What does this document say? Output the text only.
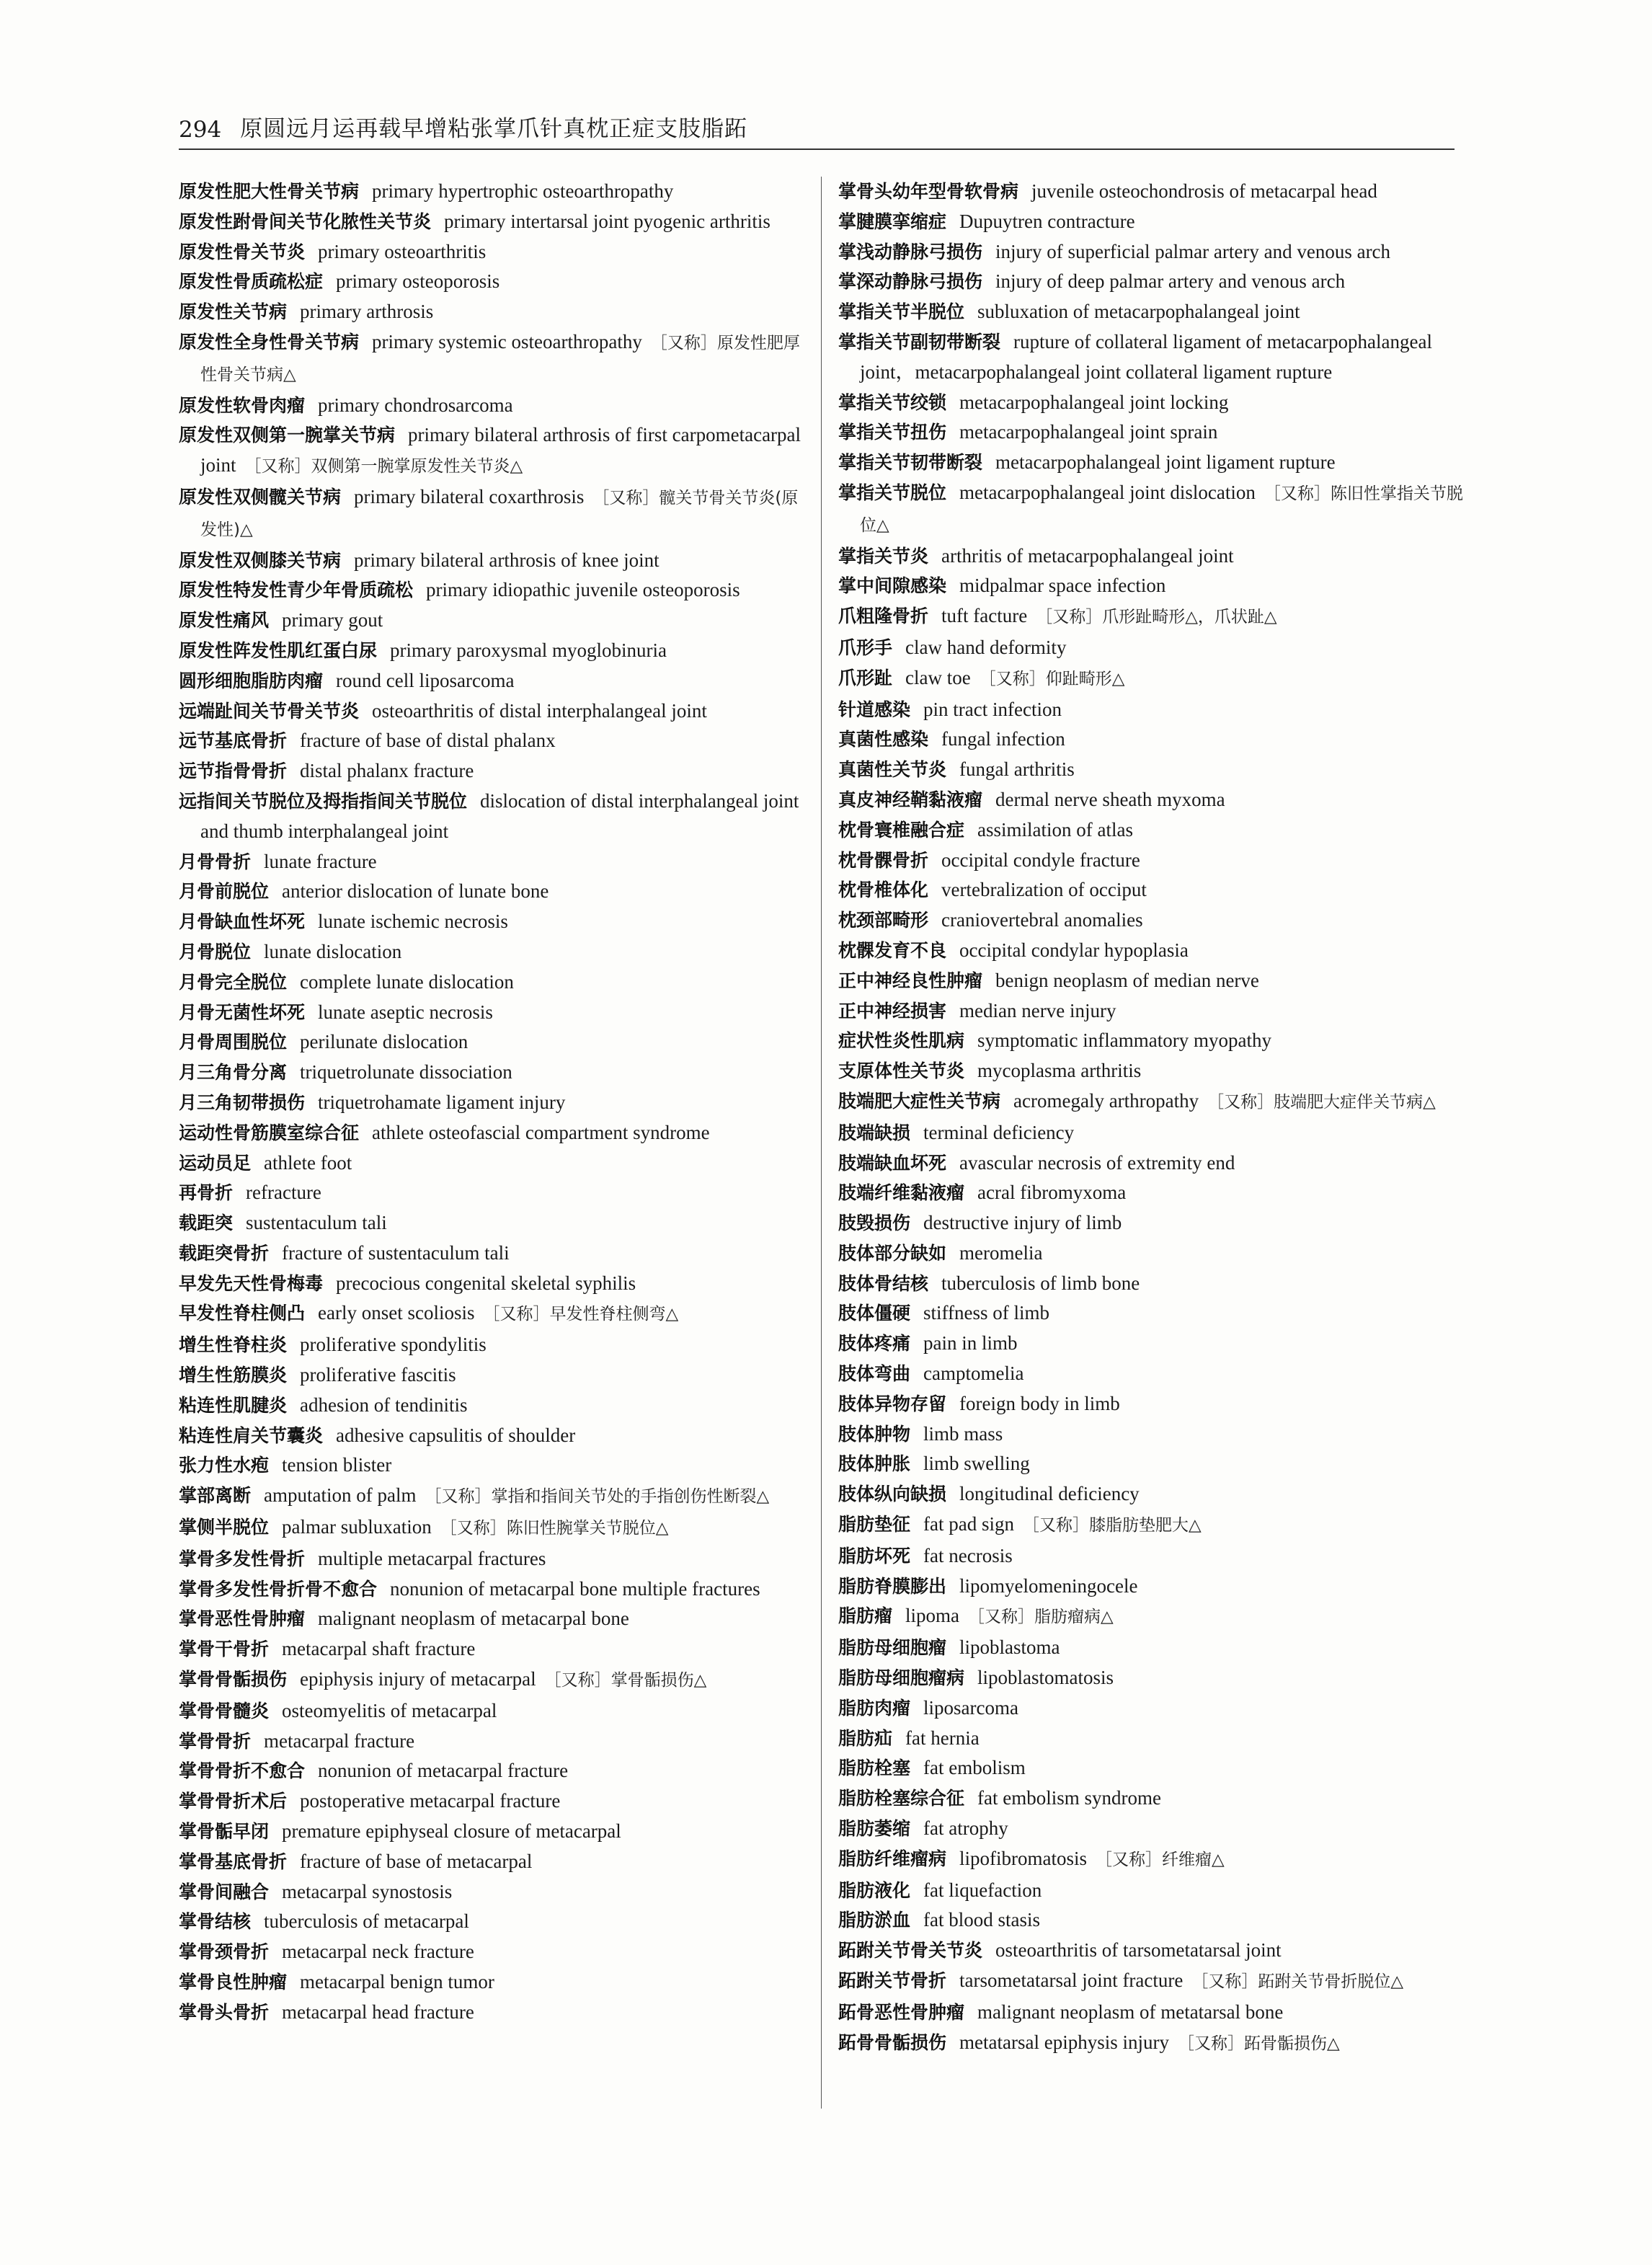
294 原圆远月运再载早增粘张掌爪针真枕正症支肢脂跖

原发性肥大性骨关节病 primary hypertrophic osteoarthropathy

原发性跗骨间关节化脓性关节炎 primary intertarsal joint pyogenic arthritis

原发性骨关节炎 primary osteoarthritis

原发性骨质疏松症 primary osteoporosis

原发性关节病 primary arthrosis

原发性全身性骨关节病 primary systemic osteoarthropathy ［又称］原发性肥厚性骨关节病△

原发性软骨肉瘤 primary chondrosarcoma

原发性双侧第一腕掌关节病 primary bilateral arthrosis of first carpometacarpal joint ［又称］双侧第一腕掌原发性关节炎△

原发性双侧髋关节病 primary bilateral coxarthrosis ［又称］髋关节骨关节炎(原发性)△

原发性双侧膝关节病 primary bilateral arthrosis of knee joint

原发性特发性青少年骨质疏松 primary idiopathic juvenile osteoporosis

原发性痛风 primary gout

原发性阵发性肌红蛋白尿 primary paroxysmal myoglobinuria

圆形细胞脂肪肉瘤 round cell liposarcoma

远端趾间关节骨关节炎 osteoarthritis of distal interphalangeal joint

远节基底骨折 fracture of base of distal phalanx

远节指骨骨折 distal phalanx fracture

远指间关节脱位及拇指指间关节脱位 dislocation of distal interphalangeal joint and thumb interphalangeal joint

月骨骨折 lunate fracture

月骨前脱位 anterior dislocation of lunate bone

月骨缺血性坏死 lunate ischemic necrosis

月骨脱位 lunate dislocation

月骨完全脱位 complete lunate dislocation

月骨无菌性坏死 lunate aseptic necrosis

月骨周围脱位 perilunate dislocation

月三角骨分离 triquetrolunate dissociation

月三角韧带损伤 triquetrohamate ligament injury

运动性骨筋膜室综合征 athlete osteofascial compartment syndrome

运动员足 athlete foot

再骨折 refracture

载距突 sustentaculum tali

载距突骨折 fracture of sustentaculum tali

早发先天性骨梅毒 precocious congenital skeletal syphilis

早发性脊柱侧凸 early onset scoliosis ［又称］早发性脊柱侧弯△

增生性脊柱炎 proliferative spondylitis

增生性筋膜炎 proliferative fascitis

粘连性肌腱炎 adhesion of tendinitis

粘连性肩关节囊炎 adhesive capsulitis of shoulder

张力性水疱 tension blister

掌部离断 amputation of palm ［又称］掌指和指间关节处的手指创伤性断裂△

掌侧半脱位 palmar subluxation ［又称］陈旧性腕掌关节脱位△

掌骨多发性骨折 multiple metacarpal fractures

掌骨多发性骨折骨不愈合 nonunion of metacarpal bone multiple fractures

掌骨恶性骨肿瘤 malignant neoplasm of metacarpal bone

掌骨干骨折 metacarpal shaft fracture

掌骨骨骺损伤 epiphysis injury of metacarpal ［又称］掌骨骺损伤△

掌骨骨髓炎 osteomyelitis of metacarpal

掌骨骨折 metacarpal fracture

掌骨骨折不愈合 nonunion of metacarpal fracture

掌骨骨折术后 postoperative metacarpal fracture

掌骨骺早闭 premature epiphyseal closure of metacarpal

掌骨基底骨折 fracture of base of metacarpal

掌骨间融合 metacarpal synostosis

掌骨结核 tuberculosis of metacarpal

掌骨颈骨折 metacarpal neck fracture

掌骨良性肿瘤 metacarpal benign tumor

掌骨头骨折 metacarpal head fracture

掌骨头幼年型骨软骨病 juvenile osteochondrosis of metacarpal head

掌腱膜挛缩症 Dupuytren contracture

掌浅动静脉弓损伤 injury of superficial palmar artery and venous arch

掌深动静脉弓损伤 injury of deep palmar artery and venous arch

掌指关节半脱位 subluxation of metacarpophalangeal joint

掌指关节副韧带断裂 rupture of collateral ligament of metacarpophalangeal joint，metacarpophalangeal joint collateral ligament rupture

掌指关节绞锁 metacarpophalangeal joint locking

掌指关节扭伤 metacarpophalangeal joint sprain

掌指关节韧带断裂 metacarpophalangeal joint ligament rupture

掌指关节脱位 metacarpophalangeal joint dislocation ［又称］陈旧性掌指关节脱位△

掌指关节炎 arthritis of metacarpophalangeal joint

掌中间隙感染 midpalmar space infection

爪粗隆骨折 tuft facture ［又称］爪形趾畸形△，爪状趾△

爪形手 claw hand deformity

爪形趾 claw toe ［又称］仰趾畸形△

针道感染 pin tract infection

真菌性感染 fungal infection

真菌性关节炎 fungal arthritis

真皮神经鞘黏液瘤 dermal nerve sheath myxoma

枕骨寰椎融合症 assimilation of atlas

枕骨髁骨折 occipital condyle fracture

枕骨椎体化 vertebralization of occiput

枕颈部畸形 craniovertebral anomalies

枕髁发育不良 occipital condylar hypoplasia

正中神经良性肿瘤 benign neoplasm of median nerve

正中神经损害 median nerve injury

症状性炎性肌病 symptomatic inflammatory myopathy

支原体性关节炎 mycoplasma arthritis

肢端肥大症性关节病 acromegaly arthropathy ［又称］肢端肥大症伴关节病△

肢端缺损 terminal deficiency

肢端缺血坏死 avascular necrosis of extremity end

肢端纤维黏液瘤 acral fibromyxoma

肢毁损伤 destructive injury of limb

肢体部分缺如 meromelia

肢体骨结核 tuberculosis of limb bone

肢体僵硬 stiffness of limb

肢体疼痛 pain in limb

肢体弯曲 camptomelia

肢体异物存留 foreign body in limb

肢体肿物 limb mass

肢体肿胀 limb swelling

肢体纵向缺损 longitudinal deficiency

脂肪垫征 fat pad sign ［又称］膝脂肪垫肥大△

脂肪坏死 fat necrosis

脂肪脊膜膨出 lipomyelomeningocele

脂肪瘤 lipoma ［又称］脂肪瘤病△

脂肪母细胞瘤 lipoblastoma

脂肪母细胞瘤病 lipoblastomatosis

脂肪肉瘤 liposarcoma

脂肪疝 fat hernia

脂肪栓塞 fat embolism

脂肪栓塞综合征 fat embolism syndrome

脂肪萎缩 fat atrophy

脂肪纤维瘤病 lipofibromatosis ［又称］纤维瘤△

脂肪液化 fat liquefaction

脂肪淤血 fat blood stasis

跖跗关节骨关节炎 osteoarthritis of tarsometatarsal joint

跖跗关节骨折 tarsometatarsal joint fracture ［又称］跖跗关节骨折脱位△

跖骨恶性骨肿瘤 malignant neoplasm of metatarsal bone

跖骨骨骺损伤 metatarsal epiphysis injury ［又称］跖骨骺损伤△
